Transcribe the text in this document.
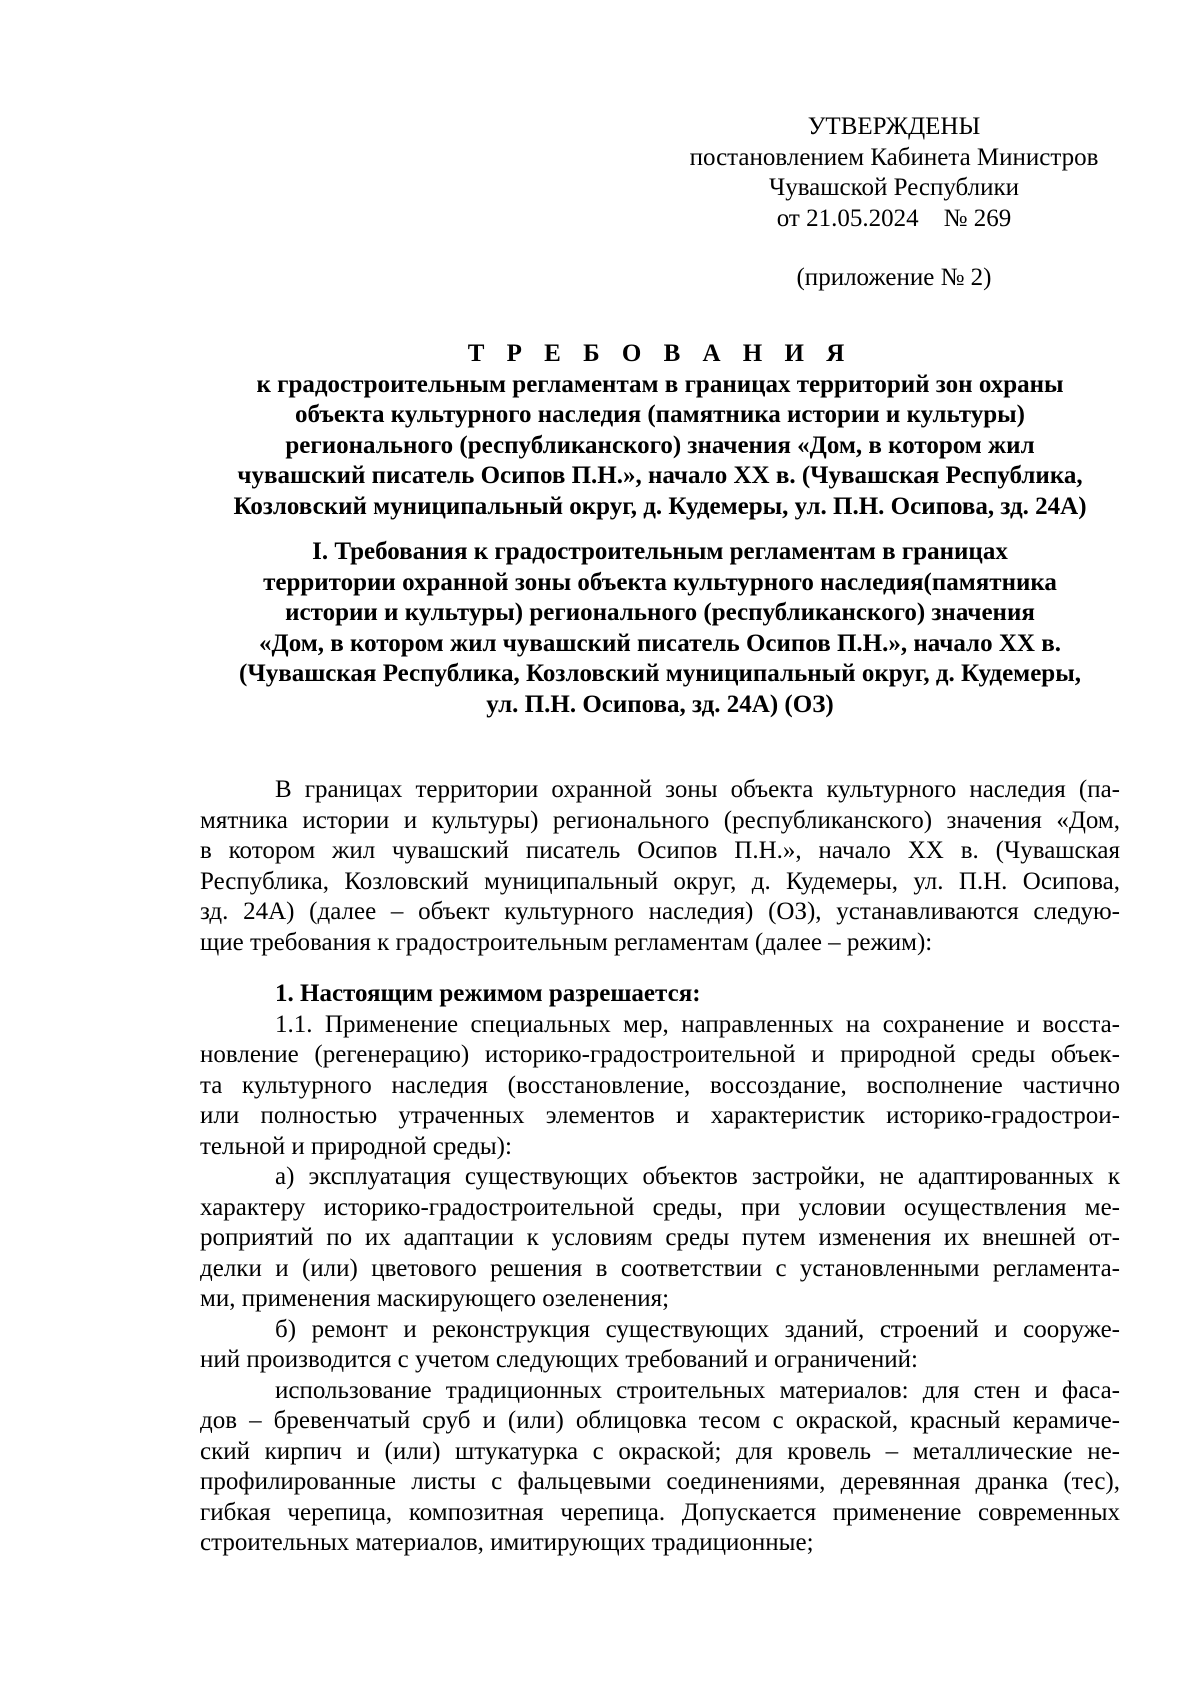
УТВЕРЖДЕНЫ
постановлением Кабинета Министров
Чувашской Республики
от 21.05.2024    № 269
(приложение № 2)
Т Р Е Б О В А Н И Я
к градостроительным регламентам в границах территорий зон охраны
объекта культурного наследия (памятника истории и культуры)
регионального (республиканского) значения «Дом, в котором жил
чувашский писатель Осипов П.Н.», начало XX в. (Чувашская Республика,
Козловский муниципальный округ, д. Кудемеры, ул. П.Н. Осипова, зд. 24А)
I. Требования к градостроительным регламентам в границах
территории охранной зоны объекта культурного наследия(памятника
истории и культуры) регионального (республиканского) значения
«Дом, в котором жил чувашский писатель Осипов П.Н.», начало XX в.
(Чувашская Республика, Козловский муниципальный округ, д. Кудемеры,
ул. П.Н. Осипова, зд. 24А) (ОЗ)
В границах территории охранной зоны объекта культурного наследия (па-
мятника истории и культуры) регионального (республиканского) значения «Дом,
в котором жил чувашский писатель Осипов П.Н.», начало XX в. (Чувашская
Республика, Козловский муниципальный округ, д. Кудемеры, ул. П.Н. Осипова,
зд. 24А) (далее – объект культурного наследия) (ОЗ), устанавливаются следую-
щие требования к градостроительным регламентам (далее – режим):
1. Настоящим режимом разрешается:
1.1. Применение специальных мер, направленных на сохранение и восста-
новление (регенерацию) историко-градостроительной и природной среды объек-
та культурного наследия (восстановление, воссоздание, восполнение частично
или полностью утраченных элементов и характеристик историко-градострои-
тельной и природной среды):
а) эксплуатация существующих объектов застройки, не адаптированных к
характеру историко-градостроительной среды, при условии осуществления ме-
роприятий по их адаптации к условиям среды путем изменения их внешней от-
делки и (или) цветового решения в соответствии с установленными регламента-
ми, применения маскирующего озеленения;
б) ремонт и реконструкция существующих зданий, строений и сооруже-
ний производится с учетом следующих требований и ограничений:
использование традиционных строительных материалов: для стен и фаса-
дов – бревенчатый сруб и (или) облицовка тесом с окраской, красный керамиче-
ский кирпич и (или) штукатурка с окраской; для кровель – металлические не-
профилированные листы с фальцевыми соединениями, деревянная дранка (тес),
гибкая черепица, композитная черепица. Допускается применение современных
строительных материалов, имитирующих традиционные;
